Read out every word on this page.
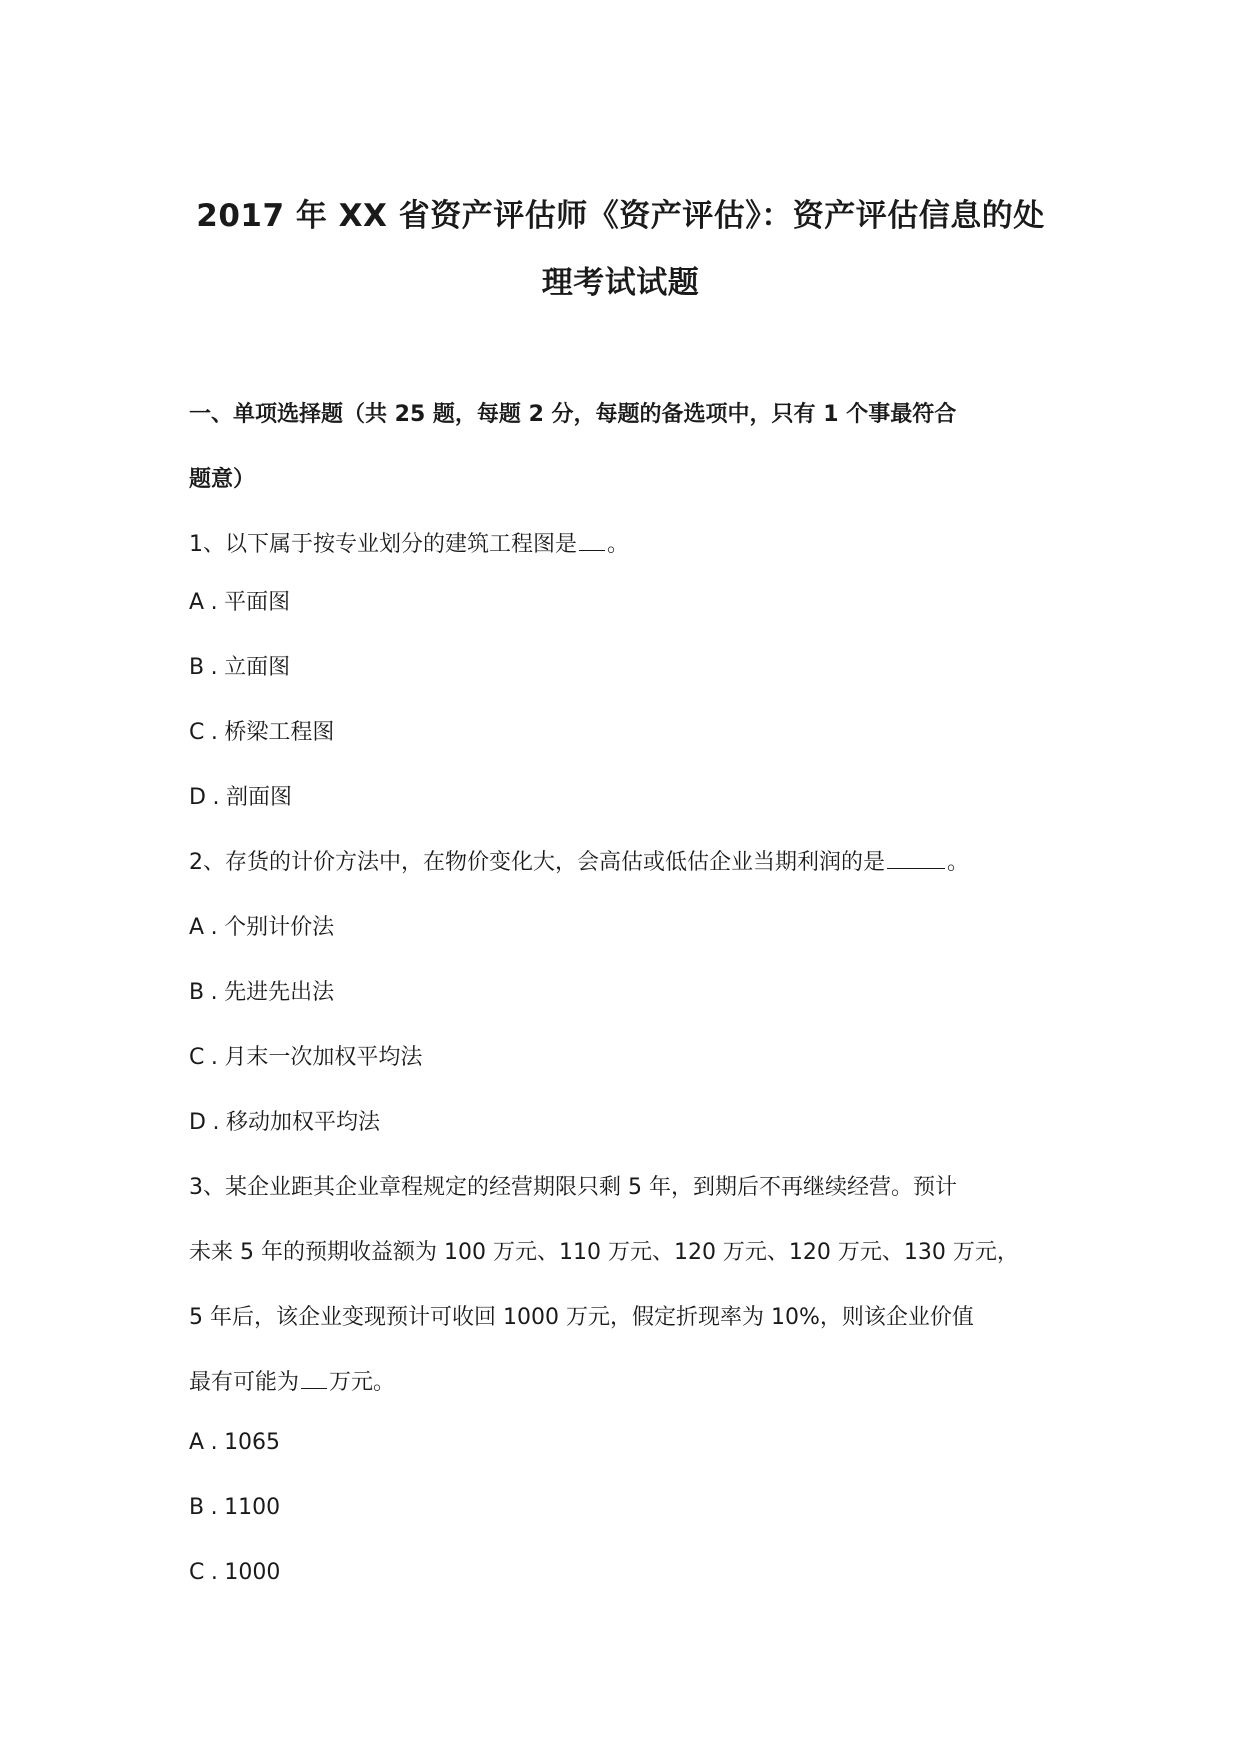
2017 年 XX 省资产评估师《资产评估》：资产评估信息的处
理考试试题
一、单项选择题（共 25 题，每题 2 分，每题的备选项中，只有 1 个事最符合
题意）
1、以下属于按专业划分的建筑工程图是 。
A . 平面图
B . 立面图
C . 桥梁工程图
D . 剖面图
2、存货的计价方法中，在物价变化大，会高估或低估企业当期利润的是	。
A . 个别计价法
B . 先进先出法
C . 月末一次加权平均法
D . 移动加权平均法
3、某企业距其企业章程规定的经营期限只剩 5 年，到期后不再继续经营。预计
未来 5 年的预期收益额为 100 万元、110 万元、120 万元、120 万元、130 万元，
5 年后，该企业变现预计可收回 1000 万元，假定折现率为 10%，则该企业价值
最有可能为 万元。
A . 1065
B . 1100
C . 1000
